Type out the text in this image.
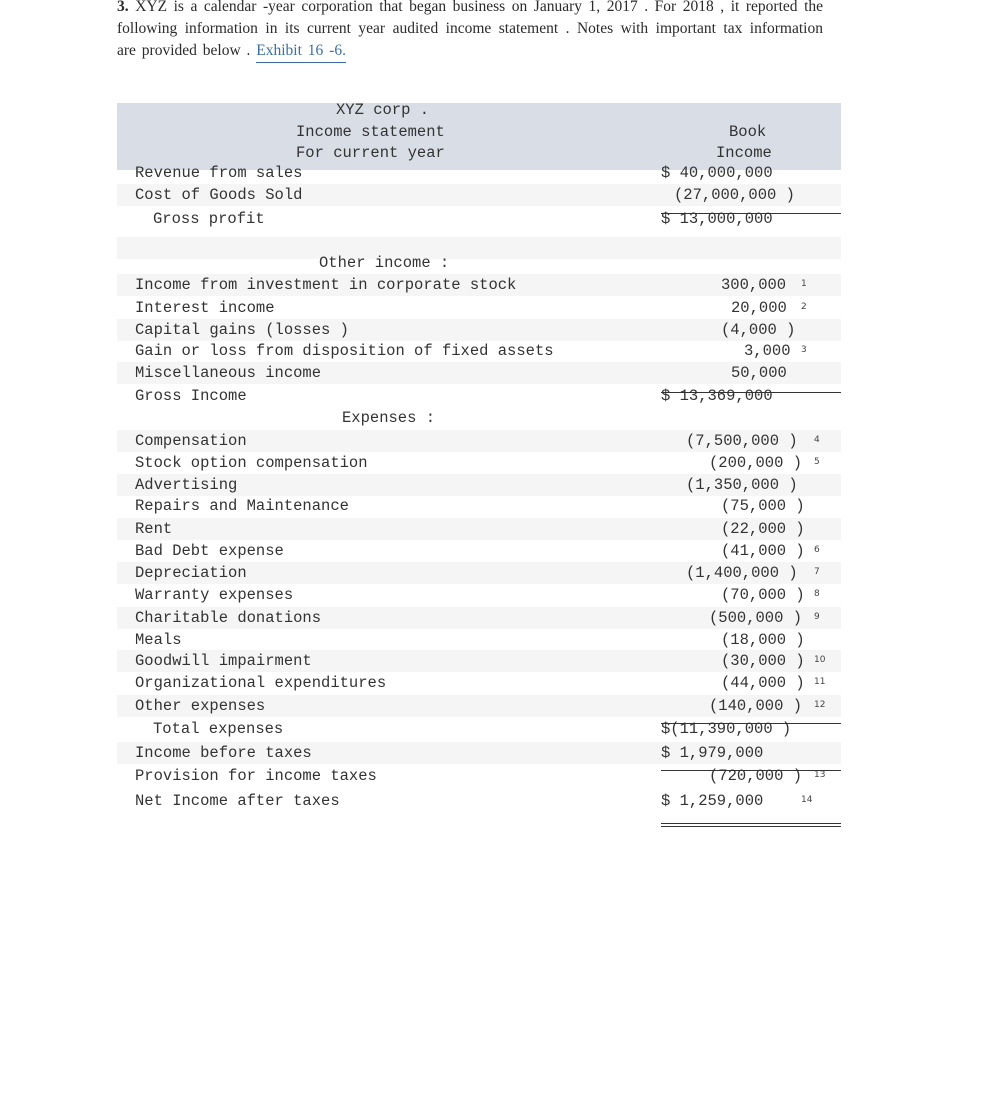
3. XYZ is a calendar -year corporation that began business on January 1, 2017 . For 2018 , it reported the following information in its current year audited income statement . Notes with important tax information are provided below . Exhibit 16 -6.
XYZ corp .
Income statement
For current year
Book
Income
Revenue from sales	$ 40,000,000
Cost of Goods Sold	(27,000,000 )
Gross profit	$ 13,000,000
Other income :
Income from investment in corporate stock	300,000 1
Interest income	20,000 2
Capital gains (losses )	(4,000 )
Gain or loss from disposition of fixed assets	3,000 3
Miscellaneous income	50,000
Gross Income	$ 13,369,000
Expenses :
Compensation	(7,500,000 ) 4
Stock option compensation	(200,000 ) 5
Advertising	(1,350,000 )
Repairs and Maintenance	(75,000 )
Rent	(22,000 )
Bad Debt expense	(41,000 ) 6
Depreciation	(1,400,000 ) 7
Warranty expenses	(70,000 ) 8
Charitable donations	(500,000 ) 9
Meals	(18,000 )
Goodwill impairment	(30,000 ) 10
Organizational expenditures	(44,000 ) 11
Other expenses	(140,000 ) 12
Total expenses	$(11,390,000 )
Income before taxes	$ 1,979,000
Provision for income taxes	(720,000 ) 13
Net Income after taxes	$ 1,259,000	14
